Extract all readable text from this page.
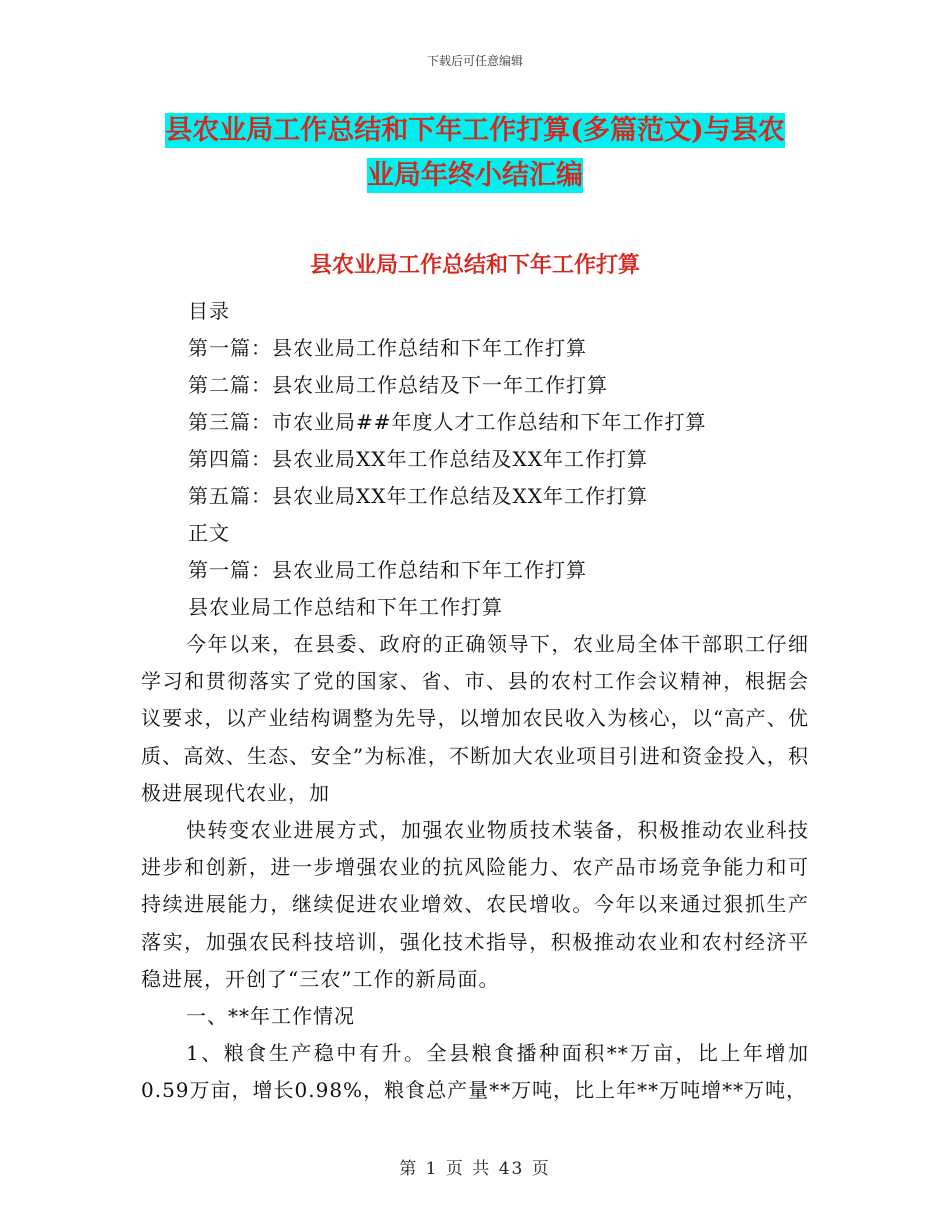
下载后可任意编辑
县农业局工作总结和下年工作打算(多篇范文)与县农
业局年终小结汇编
县农业局工作总结和下年工作打算
目录
第一篇：县农业局工作总结和下年工作打算
第二篇：县农业局工作总结及下一年工作打算
第三篇：市农业局##年度人才工作总结和下年工作打算
第四篇：县农业局XX年工作总结及XX年工作打算
第五篇：县农业局XX年工作总结及XX年工作打算
正文
第一篇：县农业局工作总结和下年工作打算
县农业局工作总结和下年工作打算

今年以来，在县委、政府的正确领导下，农业局全体干部职工仔细学习和贯彻落实了党的国家、省、市、县的农村工作会议精神，根据会议要求，以产业结构调整为先导，以增加农民收入为核心，以“高产、优质、高效、生态、安全”为标准，不断加大农业项目引进和资金投入，积极进展现代农业，加

快转变农业进展方式，加强农业物质技术装备，积极推动农业科技进步和创新，进一步增强农业的抗风险能力、农产品市场竞争能力和可持续进展能力，继续促进农业增效、农民增收。今年以来通过狠抓生产落实，加强农民科技培训，强化技术指导，积极推动农业和农村经济平稳进展，开创了“三农”工作的新局面。

一、**年工作情况

1、粮食生产稳中有升。全县粮食播种面积**万亩，比上年增加0.59万亩，增长0.98%，粮食总产量**万吨，比上年**万吨增**万吨，

第 1 页 共 43 页
